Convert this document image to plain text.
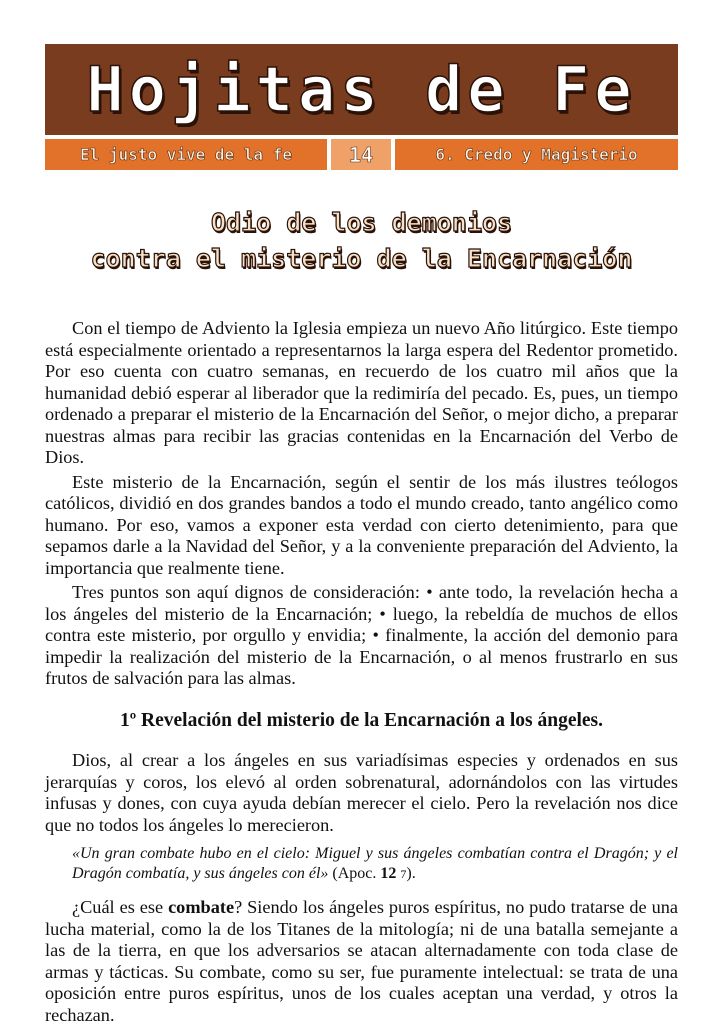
Hojitas de Fe
El justo vive de la fe	14	6. Credo y Magisterio
Odio de los demonios
contra el misterio de la Encarnación

Con el tiempo de Adviento la Iglesia empieza un nuevo Año litúrgico. Este tiempo está especialmente orientado a representarnos la larga espera del Redentor prometido. Por eso cuenta con cuatro semanas, en recuerdo de los cuatro mil años que la humanidad debió esperar al liberador que la redimiría del pecado. Es, pues, un tiempo ordenado a preparar el misterio de la Encarnación del Señor, o mejor dicho, a preparar nuestras almas para recibir las gracias contenidas en la Encarnación del Verbo de Dios.

Este misterio de la Encarnación, según el sentir de los más ilustres teólogos católicos, dividió en dos grandes bandos a todo el mundo creado, tanto angélico como humano. Por eso, vamos a exponer esta verdad con cierto detenimiento, para que sepamos darle a la Navidad del Señor, y a la conveniente preparación del Adviento, la importancia que realmente tiene.

Tres puntos son aquí dignos de consideración: • ante todo, la revelación hecha a los ángeles del misterio de la Encarnación; • luego, la rebeldía de muchos de ellos contra este misterio, por orgullo y envidia; • finalmente, la acción del demonio para impedir la realización del misterio de la Encarnación, o al menos frustrarlo en sus frutos de salvación para las almas.

1º Revelación del misterio de la Encarnación a los ángeles.

Dios, al crear a los ángeles en sus variadísimas especies y ordenados en sus jerarquías y coros, los elevó al orden sobrenatural, adornándolos con las virtudes infusas y dones, con cuya ayuda debían merecer el cielo. Pero la revelación nos dice que no todos los ángeles lo merecieron.

«Un gran combate hubo en el cielo: Miguel y sus ángeles combatían contra el Dragón; y el Dragón combatía, y sus ángeles con él» (Apoc. 12 7).

¿Cuál es ese combate? Siendo los ángeles puros espíritus, no pudo tratarse de una lucha material, como la de los Titanes de la mitología; ni de una batalla semejante a las de la tierra, en que los adversarios se atacan alternadamente con toda clase de armas y tácticas. Su combate, como su ser, fue puramente intelectual: se trata de una oposición entre puros espíritus, unos de los cuales aceptan una verdad, y otros la rechazan.
